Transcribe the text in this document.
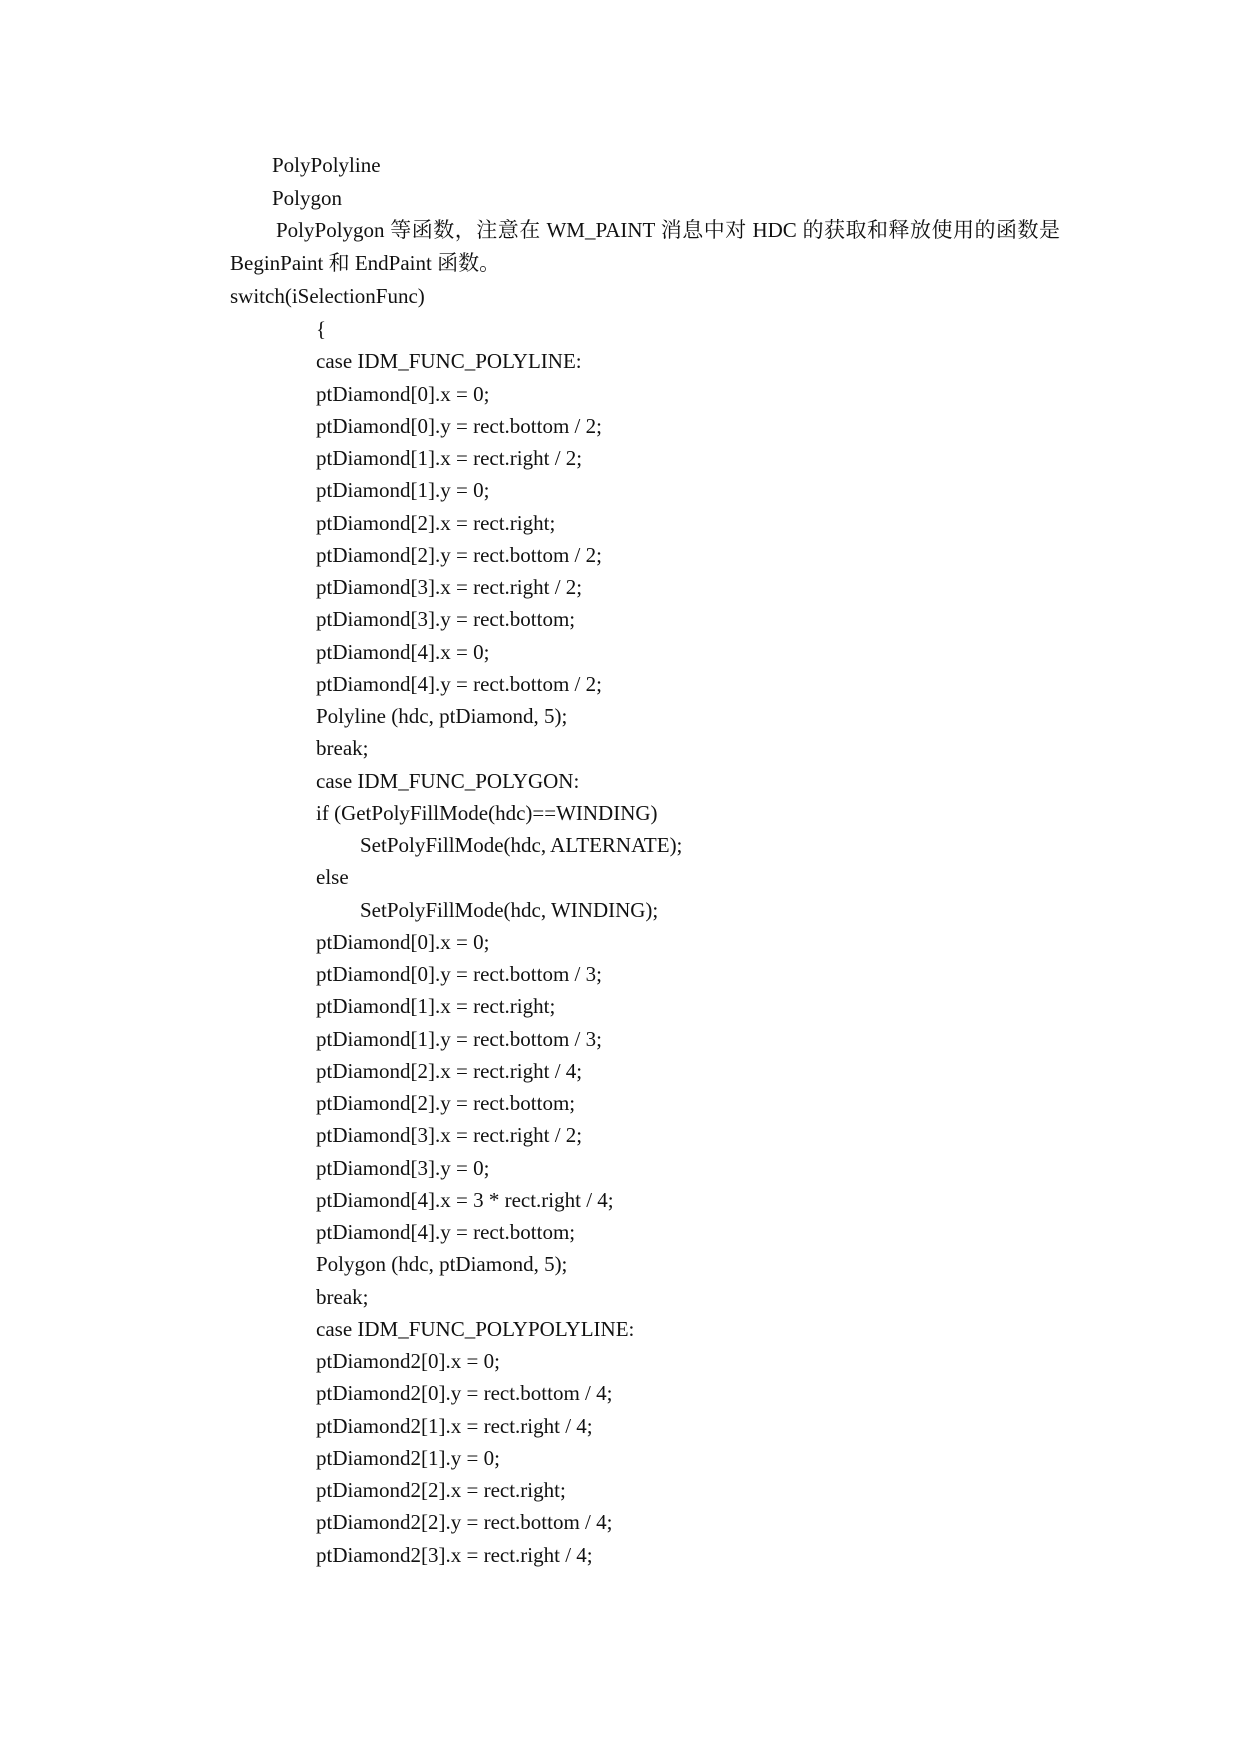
PolyPolyline
Polygon

PolyPolygon 等函数，注意在 WM_PAINT 消息中对 HDC 的获取和释放使用的函数是 BeginPaint 和 EndPaint 函数。

switch(iSelectionFunc)
{
case IDM_FUNC_POLYLINE:
ptDiamond[0].x = 0;
ptDiamond[0].y = rect.bottom / 2;
ptDiamond[1].x = rect.right / 2;
ptDiamond[1].y = 0;
ptDiamond[2].x = rect.right;
ptDiamond[2].y = rect.bottom / 2;
ptDiamond[3].x = rect.right / 2;
ptDiamond[3].y = rect.bottom;
ptDiamond[4].x = 0;
ptDiamond[4].y = rect.bottom / 2;
Polyline (hdc, ptDiamond, 5);
break;
case IDM_FUNC_POLYGON:
if (GetPolyFillMode(hdc)==WINDING)
SetPolyFillMode(hdc, ALTERNATE);
else
SetPolyFillMode(hdc, WINDING);
ptDiamond[0].x = 0;
ptDiamond[0].y = rect.bottom / 3;
ptDiamond[1].x = rect.right;
ptDiamond[1].y = rect.bottom / 3;
ptDiamond[2].x = rect.right / 4;
ptDiamond[2].y = rect.bottom;
ptDiamond[3].x = rect.right / 2;
ptDiamond[3].y = 0;
ptDiamond[4].x = 3 * rect.right / 4;
ptDiamond[4].y = rect.bottom;
Polygon (hdc, ptDiamond, 5);
break;
case IDM_FUNC_POLYPOLYLINE:
ptDiamond2[0].x = 0;
ptDiamond2[0].y = rect.bottom / 4;
ptDiamond2[1].x = rect.right / 4;
ptDiamond2[1].y = 0;
ptDiamond2[2].x = rect.right;
ptDiamond2[2].y = rect.bottom / 4;
ptDiamond2[3].x = rect.right / 4;
